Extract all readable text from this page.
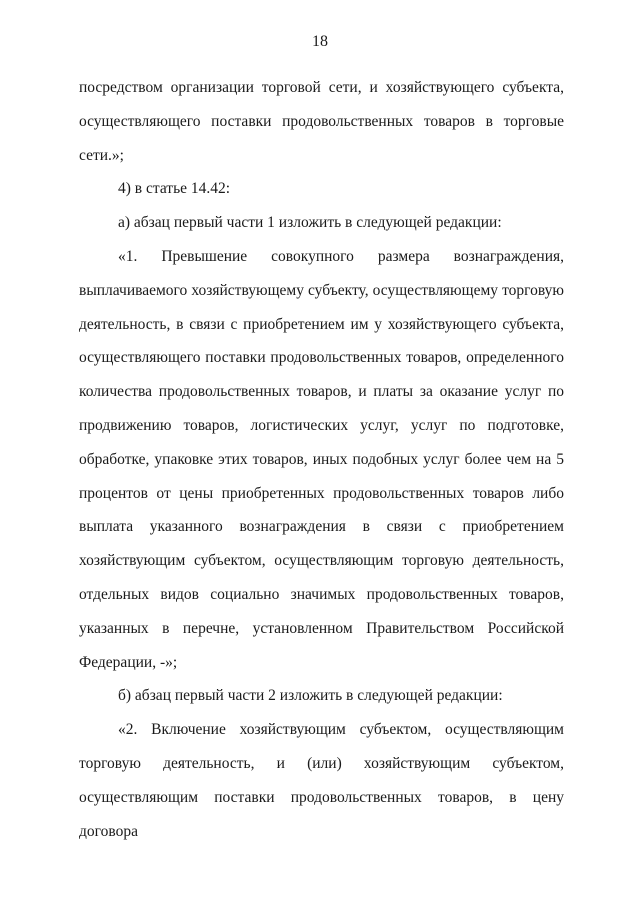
18

посредством организации торговой сети, и хозяйствующего субъекта, осуществляющего поставки продовольственных товаров в торговые сети.»;

4) в статье 14.42:

а) абзац первый части 1 изложить в следующей редакции:

«1. Превышение совокупного размера вознаграждения, выплачиваемого хозяйствующему субъекту, осуществляющему торговую деятельность, в связи с приобретением им у хозяйствующего субъекта, осуществляющего поставки продовольственных товаров, определенного количества продовольственных товаров, и платы за оказание услуг по продвижению товаров, логистических услуг, услуг по подготовке, обработке, упаковке этих товаров, иных подобных услуг более чем на 5 процентов от цены приобретенных продовольственных товаров либо выплата указанного вознаграждения в связи с приобретением хозяйствующим субъектом, осуществляющим торговую деятельность, отдельных видов социально значимых продовольственных товаров, указанных в перечне, установленном Правительством Российской Федерации, -»;

б) абзац первый части 2 изложить в следующей редакции:

«2. Включение хозяйствующим субъектом, осуществляющим торговую деятельность, и (или) хозяйствующим субъектом, осуществляющим поставки продовольственных товаров, в цену договора
